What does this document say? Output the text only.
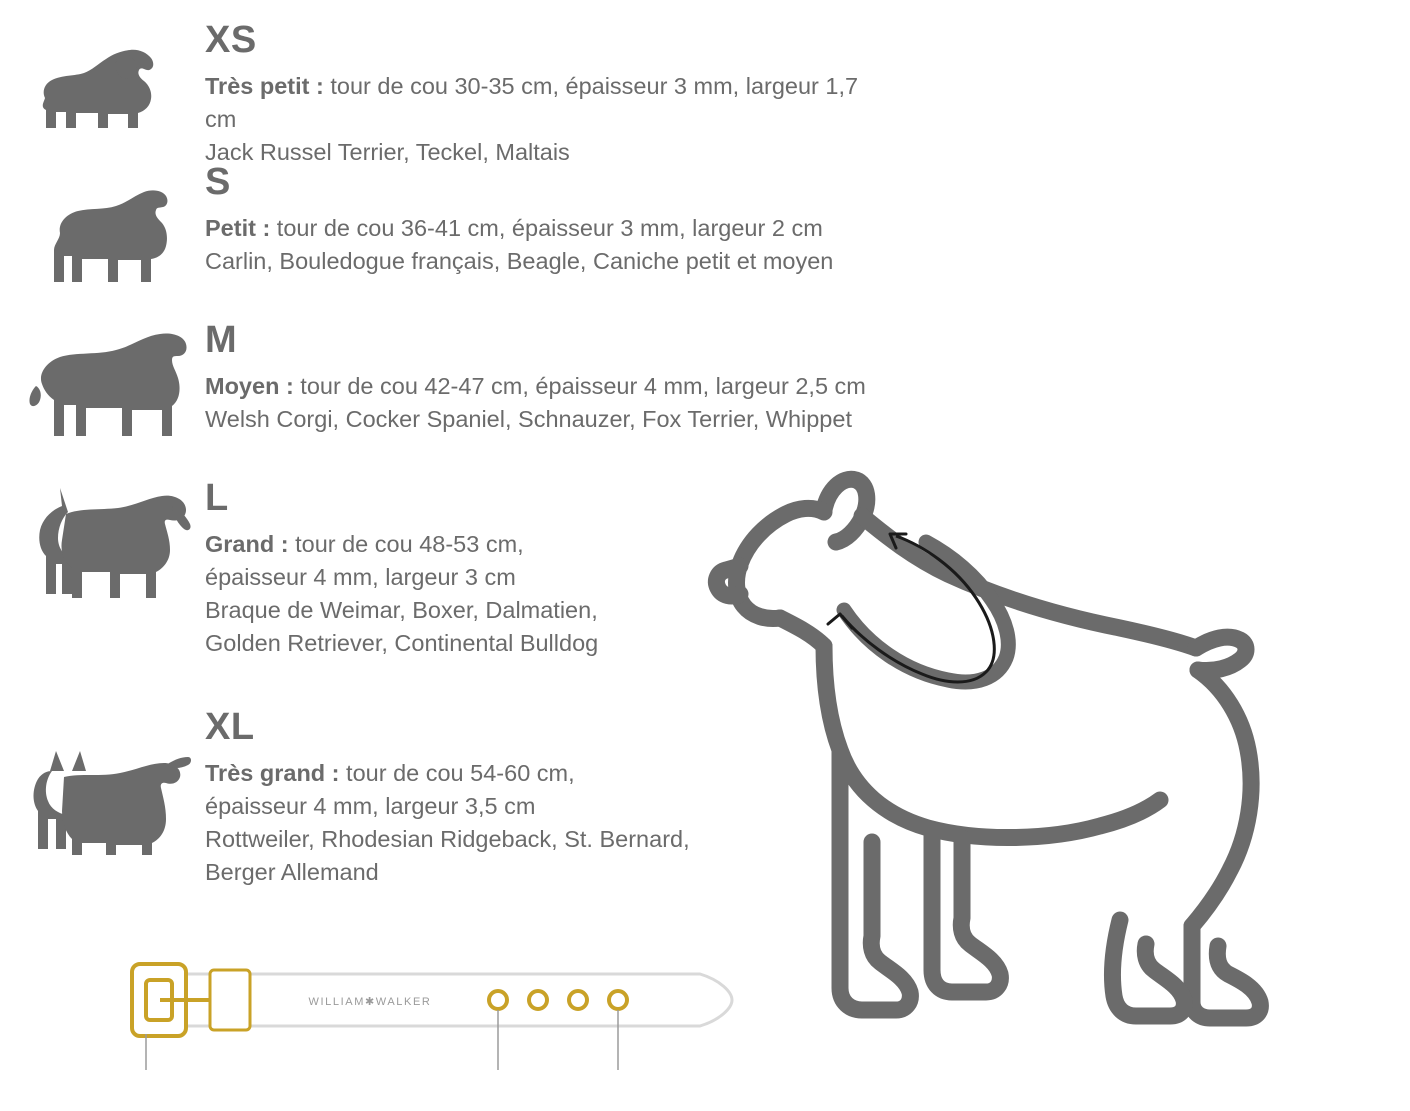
XS

Très petit : tour de cou 30-35 cm, épaisseur 3 mm, largeur 1,7 cm

Jack Russel Terrier, Teckel, Maltais

S

Petit : tour de cou 36-41 cm, épaisseur 3 mm, largeur 2 cm

Carlin, Bouledogue français, Beagle, Caniche petit et moyen

M

Moyen : tour de cou 42-47 cm, épaisseur 4 mm, largeur 2,5 cm

Welsh Corgi, Cocker Spaniel, Schnauzer, Fox Terrier, Whippet

L

Grand : tour de cou 48-53 cm,

épaisseur 4 mm, largeur 3 cm

Braque de Weimar, Boxer, Dalmatien,

Golden Retriever, Continental Bulldog

XL

Très grand : tour de cou 54-60 cm,

épaisseur 4 mm, largeur 3,5 cm

Rottweiler, Rhodesian Ridgeback, St. Bernard,

Berger Allemand

WILLIAM✱WALKER
